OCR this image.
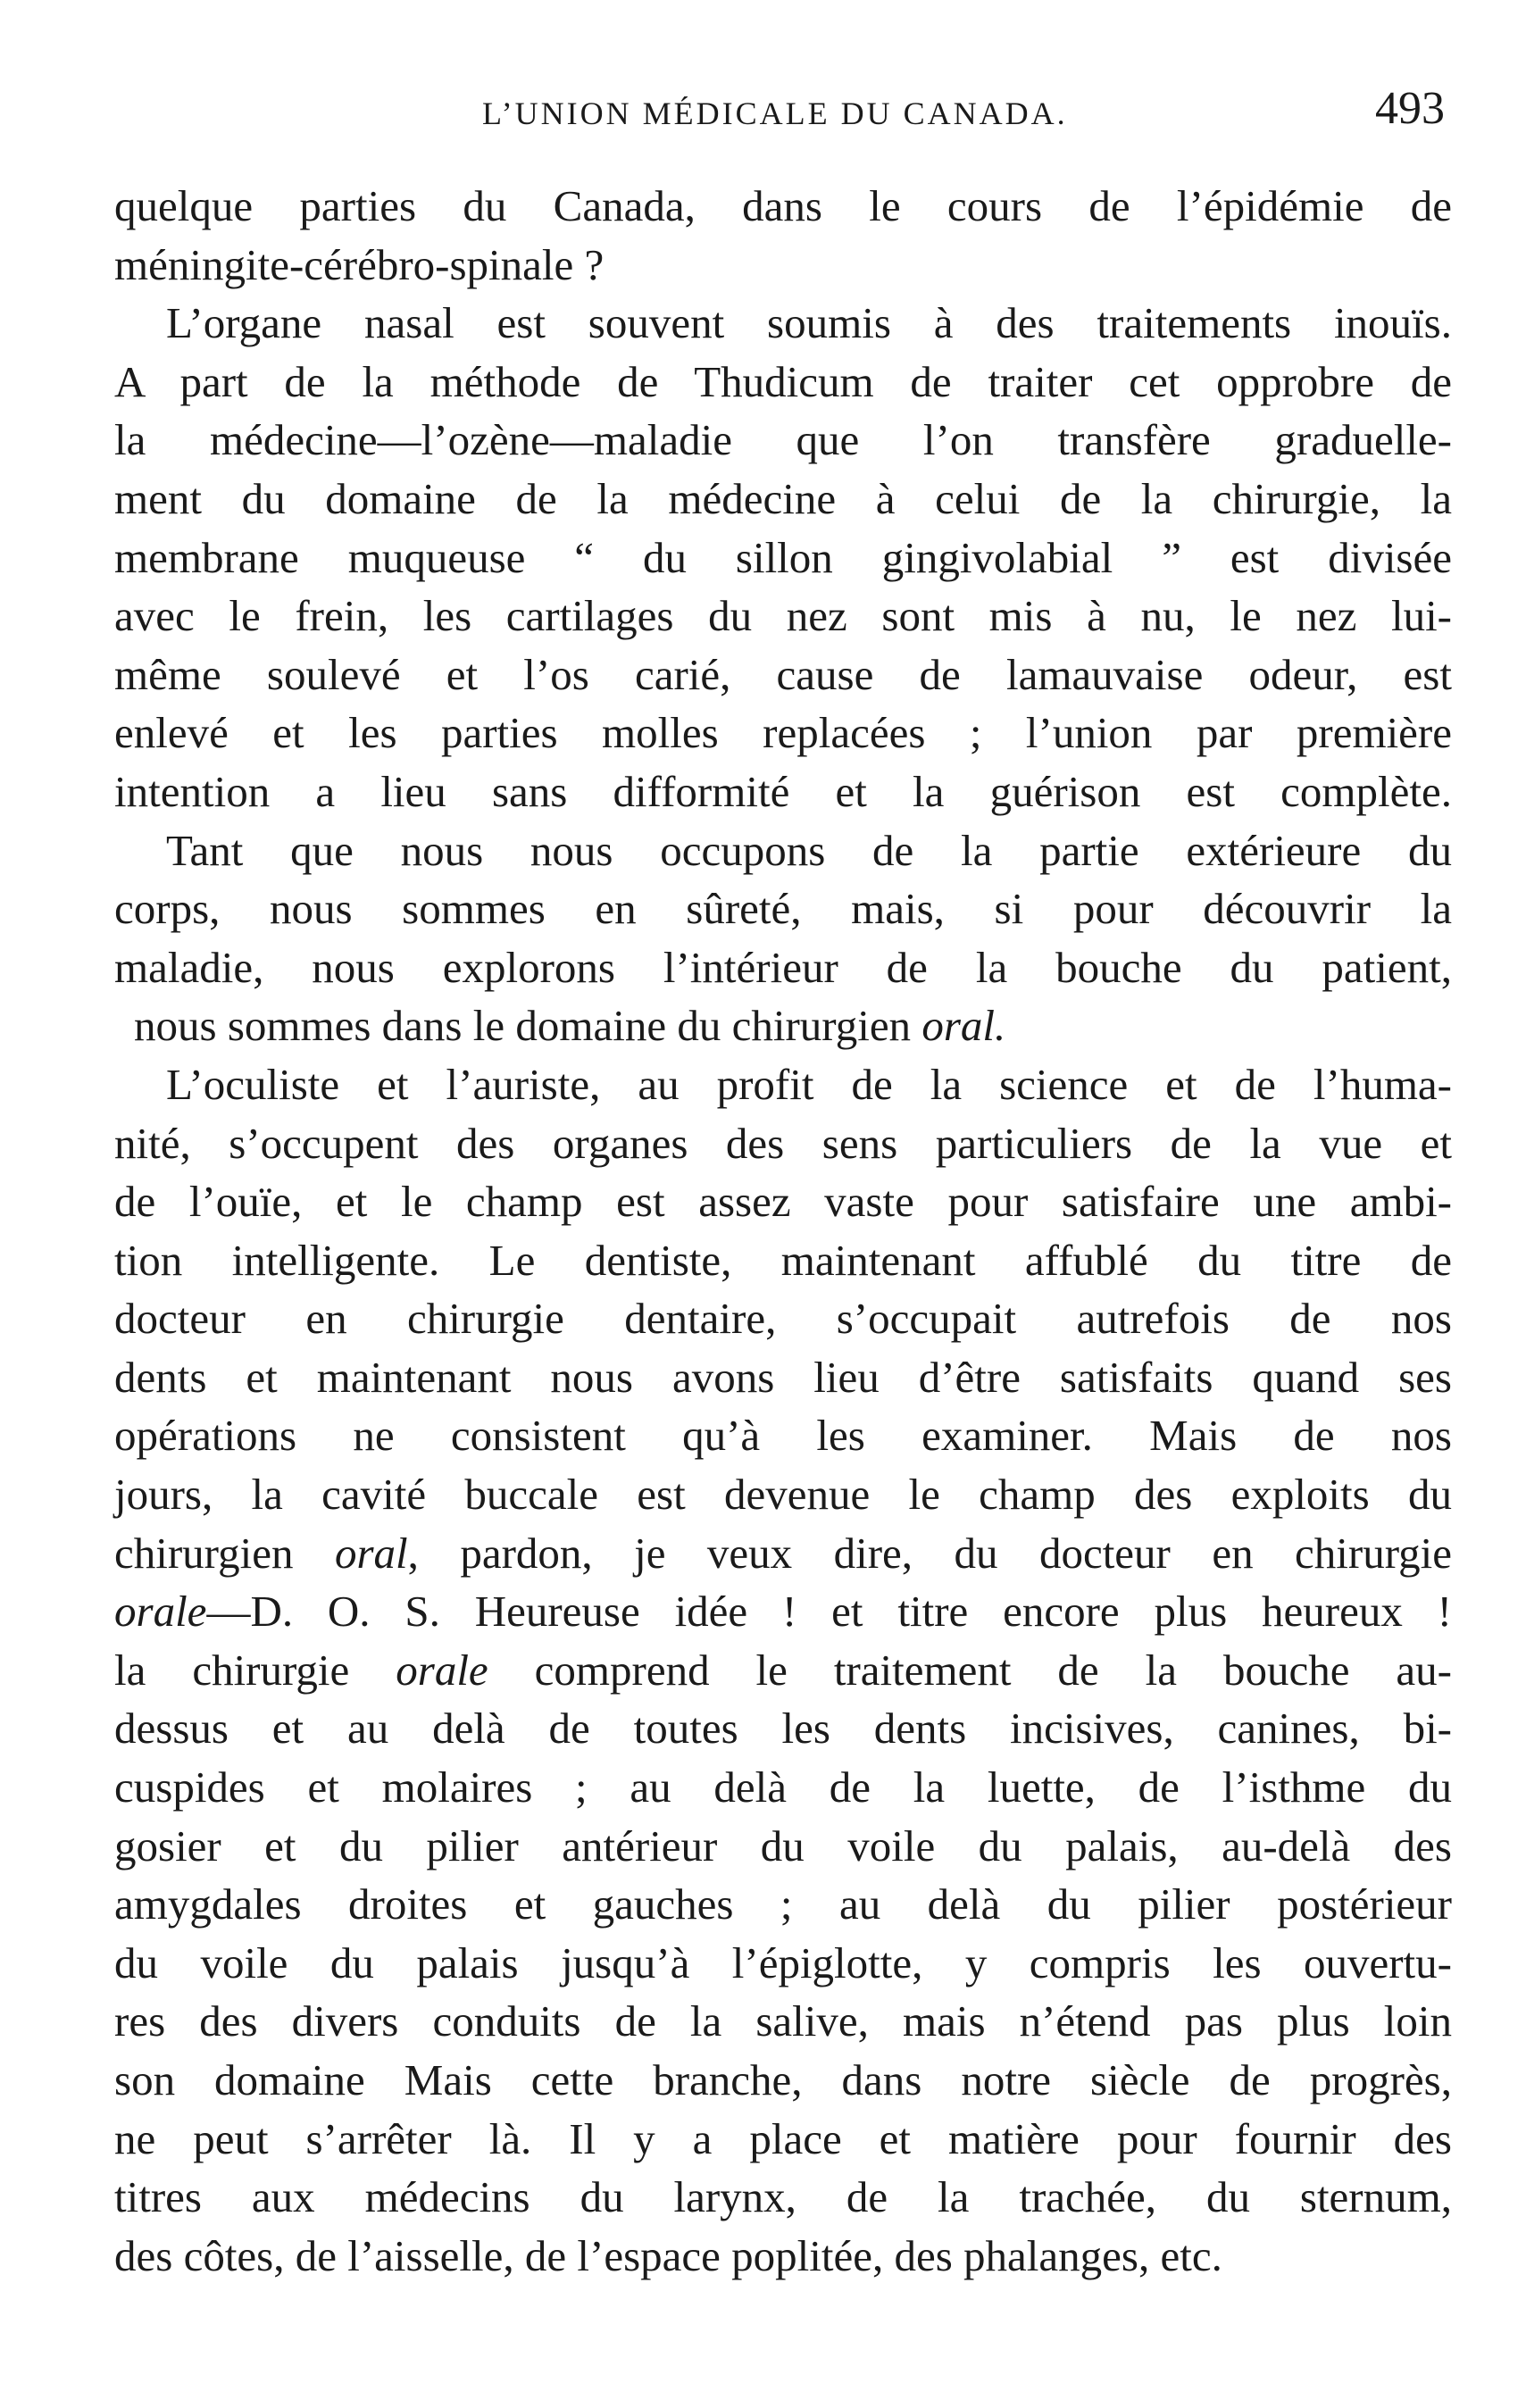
L’UNION MÉDICALE DU CANADA.	493
quelque parties du Canada, dans le cours de l’épidémie de
méningite-cérébro-spinale ?
L’organe nasal est souvent soumis à des traitements inouïs.
A part de la méthode de Thudicum de traiter cet opprobre de
la médecine—l’ozène—maladie que l’on transfère graduelle-
ment du domaine de la médecine à celui de la chirurgie, la
membrane muqueuse “ du sillon gingivolabial ” est divisée
avec le frein, les cartilages du nez sont mis à nu, le nez lui-
même soulevé et l’os carié, cause de lamauvaise odeur, est
enlevé et les parties molles replacées ; l’union par première
intention a lieu sans difformité et la guérison est complète.
Tant que nous nous occupons de la partie extérieure du
corps, nous sommes en sûreté, mais, si pour découvrir la
maladie, nous explorons l’intérieur de la bouche du patient,
nous sommes dans le domaine du chirurgien oral.
L’oculiste et l’auriste, au profit de la science et de l’huma-
nité, s’occupent des organes des sens particuliers de la vue et
de l’ouïe, et le champ est assez vaste pour satisfaire une ambi-
tion intelligente. Le dentiste, maintenant affublé du titre de
docteur en chirurgie dentaire, s’occupait autrefois de nos
dents et maintenant nous avons lieu d’être satisfaits quand ses
opérations ne consistent qu’à les examiner. Mais de nos
jours, la cavité buccale est devenue le champ des exploits du
chirurgien oral, pardon, je veux dire, du docteur en chirurgie
orale—D. O. S. Heureuse idée ! et titre encore plus heureux !
la chirurgie orale comprend le traitement de la bouche au-
dessus et au delà de toutes les dents incisives, canines, bi-
cuspides et molaires ; au delà de la luette, de l’isthme du
gosier et du pilier antérieur du voile du palais, au-delà des
amygdales droites et gauches ; au delà du pilier postérieur
du voile du palais jusqu’à l’épiglotte, y compris les ouvertu-
res des divers conduits de la salive, mais n’étend pas plus loin
son domaine Mais cette branche, dans notre siècle de progrès,
ne peut s’arrêter là. Il y a place et matière pour fournir des
titres aux médecins du larynx, de la trachée, du sternum,
des côtes, de l’aisselle, de l’espace poplitée, des phalanges, etc.
